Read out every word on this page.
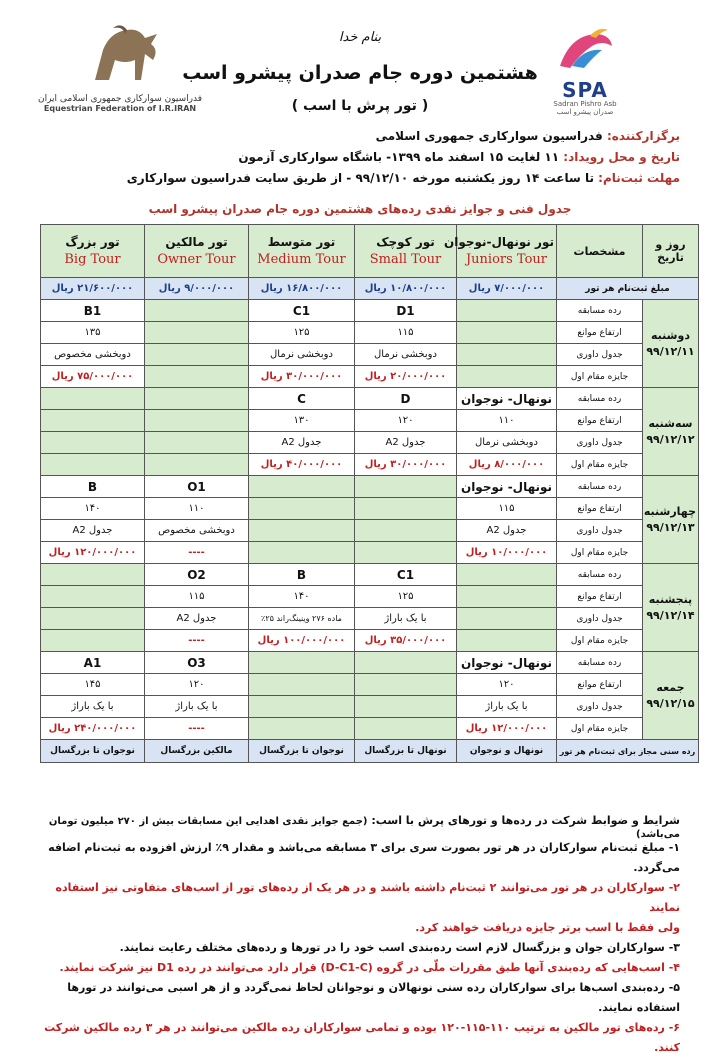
فدراسیون سوارکاری جمهوری اسلامی ایران
Equestrian Federation of I.R.IRAN
SPA
Sadran Pishro Asb
صدران پیشرو اسب
بنام خدا
هشتمین دوره جام صدران پیشرو اسب
( تور پرش با اسب )
برگزارکننده: فدراسیون سوارکاری جمهوری اسلامی
تاریخ و محل رویداد: ۱۱ لغایت ۱۵ اسفند ماه ۱۳۹۹- باشگاه سوارکاری آزمون
مهلت ثبت‌نام: تا ساعت ۱۴ روز یکشنبه مورخه ۹۹/۱۲/۱۰ - از طریق سایت فدراسیون سوارکاری
جدول فنی و جوایز نقدی رده‌های هشتمین دوره جام صدران پیشرو اسب
روز و تاریخ	مشخصات	تور نونهال-نوجوان
Juniors Tour	تور کوچک
Small Tour	تور متوسط
Medium Tour	تور مالکین
Owner Tour	تور بزرگ
Big Tour

مبلغ ثبت‌نام هر تور		۷/۰۰۰/۰۰۰ ریال	۱۰/۸۰۰/۰۰۰ ریال	۱۶/۸۰۰/۰۰۰ ریال	۹/۰۰۰/۰۰۰ ریال	۲۱/۶۰۰/۰۰۰ ریال

دوشنبه
۹۹/۱۲/۱۱	رده مسابقه		D1	C1		B1
	ارتفاع موانع		۱۱۵	۱۲۵		۱۳۵
	جدول داوری		دوبخشی نرمال	دوبخشی نرمال		دوبخشی مخصوص
	جایزه مقام اول		۲۰/۰۰۰/۰۰۰ ریال	۳۰/۰۰۰/۰۰۰ ریال		۷۵/۰۰۰/۰۰۰ ریال

سه‌شنبه
۹۹/۱۲/۱۲	رده مسابقه	نونهال- نوجوان	D	C		
	ارتفاع موانع	۱۱۰	۱۲۰	۱۳۰		
	جدول داوری	دوبخشی نرمال	جدول A2	جدول A2		
	جایزه مقام اول	۸/۰۰۰/۰۰۰ ریال	۳۰/۰۰۰/۰۰۰ ریال	۴۰/۰۰۰/۰۰۰ ریال		

چهارشنبه
۹۹/۱۲/۱۳	رده مسابقه	نونهال- نوجوان			O1	B
	ارتفاع موانع	۱۱۵			۱۱۰	۱۴۰
	جدول داوری	جدول A2			دوبخشی مخصوص	جدول A2
	جایزه مقام اول	۱۰/۰۰۰/۰۰۰ ریال			----	۱۲۰/۰۰۰/۰۰۰ ریال

پنجشنبه
۹۹/۱۲/۱۴	رده مسابقه		C1	B	O2	
	ارتفاع موانع		۱۲۵	۱۴۰	۱۱۵	
	جدول داوری		با یک باراژ	ماده ۲۷۶ وینینگ‌راند ۲۵٪	جدول A2	
	جایزه مقام اول		۳۵/۰۰۰/۰۰۰ ریال	۱۰۰/۰۰۰/۰۰۰ ریال	----	

جمعه
۹۹/۱۲/۱۵	رده مسابقه	نونهال- نوجوان			O3	A1
	ارتفاع موانع	۱۲۰			۱۲۰	۱۴۵
	جدول داوری	با یک باراژ			با یک باراژ	با یک باراژ
	جایزه مقام اول	۱۲/۰۰۰/۰۰۰ ریال			----	۲۴۰/۰۰۰/۰۰۰ ریال
رده سنی مجاز برای ثبت‌نام هر تور		نونهال و نوجوان	نونهال تا بزرگسال	نوجوان تا بزرگسال	مالکین بزرگسال	نوجوان تا بزرگسال
شرایط و ضوابط شرکت در رده‌ها و تورهای پرش با اسب: (جمع جوایز نقدی اهدایی این مسابقات بیش از ۲۷۰ میلیون تومان می‌باشد)
۱- مبلغ ثبت‌نام سوارکاران در هر تور بصورت سری برای ۳ مسابقه می‌باشد و مقدار ۹٪ ارزش افزوده به ثبت‌نام اضافه می‌گردد.
۲- سوارکاران در هر تور می‌توانند ۲ ثبت‌نام داشته باشند و در هر یک از رده‌های تور از اسب‌های متفاوتی نیز استفاده نمایند
ولی فقط با اسب برتر جایزه دریافت خواهند کرد.
۳- سوارکاران جوان و بزرگسال لازم است رده‌بندی اسب خود را در تورها و رده‌های مختلف رعایت نمایند.
۴- اسب‌هایی که رده‌بندی آنها طبق مقررات ملّی در گروه (D-C1-C) قرار دارد می‌توانند در رده D1 نیز شرکت نمایند.
۵- رده‌بندی اسب‌ها برای سوارکاران رده سنی نونهالان و نوجوانان لحاظ نمی‌گردد و از هر اسبی می‌توانند در تورها استفاده نمایند.
۶- رده‌های تور مالکین به ترتیب ۱۱۰-۱۱۵-۱۲۰ بوده و تمامی سوارکاران رده مالکین می‌توانند در هر ۳ رده مالکین شرکت کنند.
